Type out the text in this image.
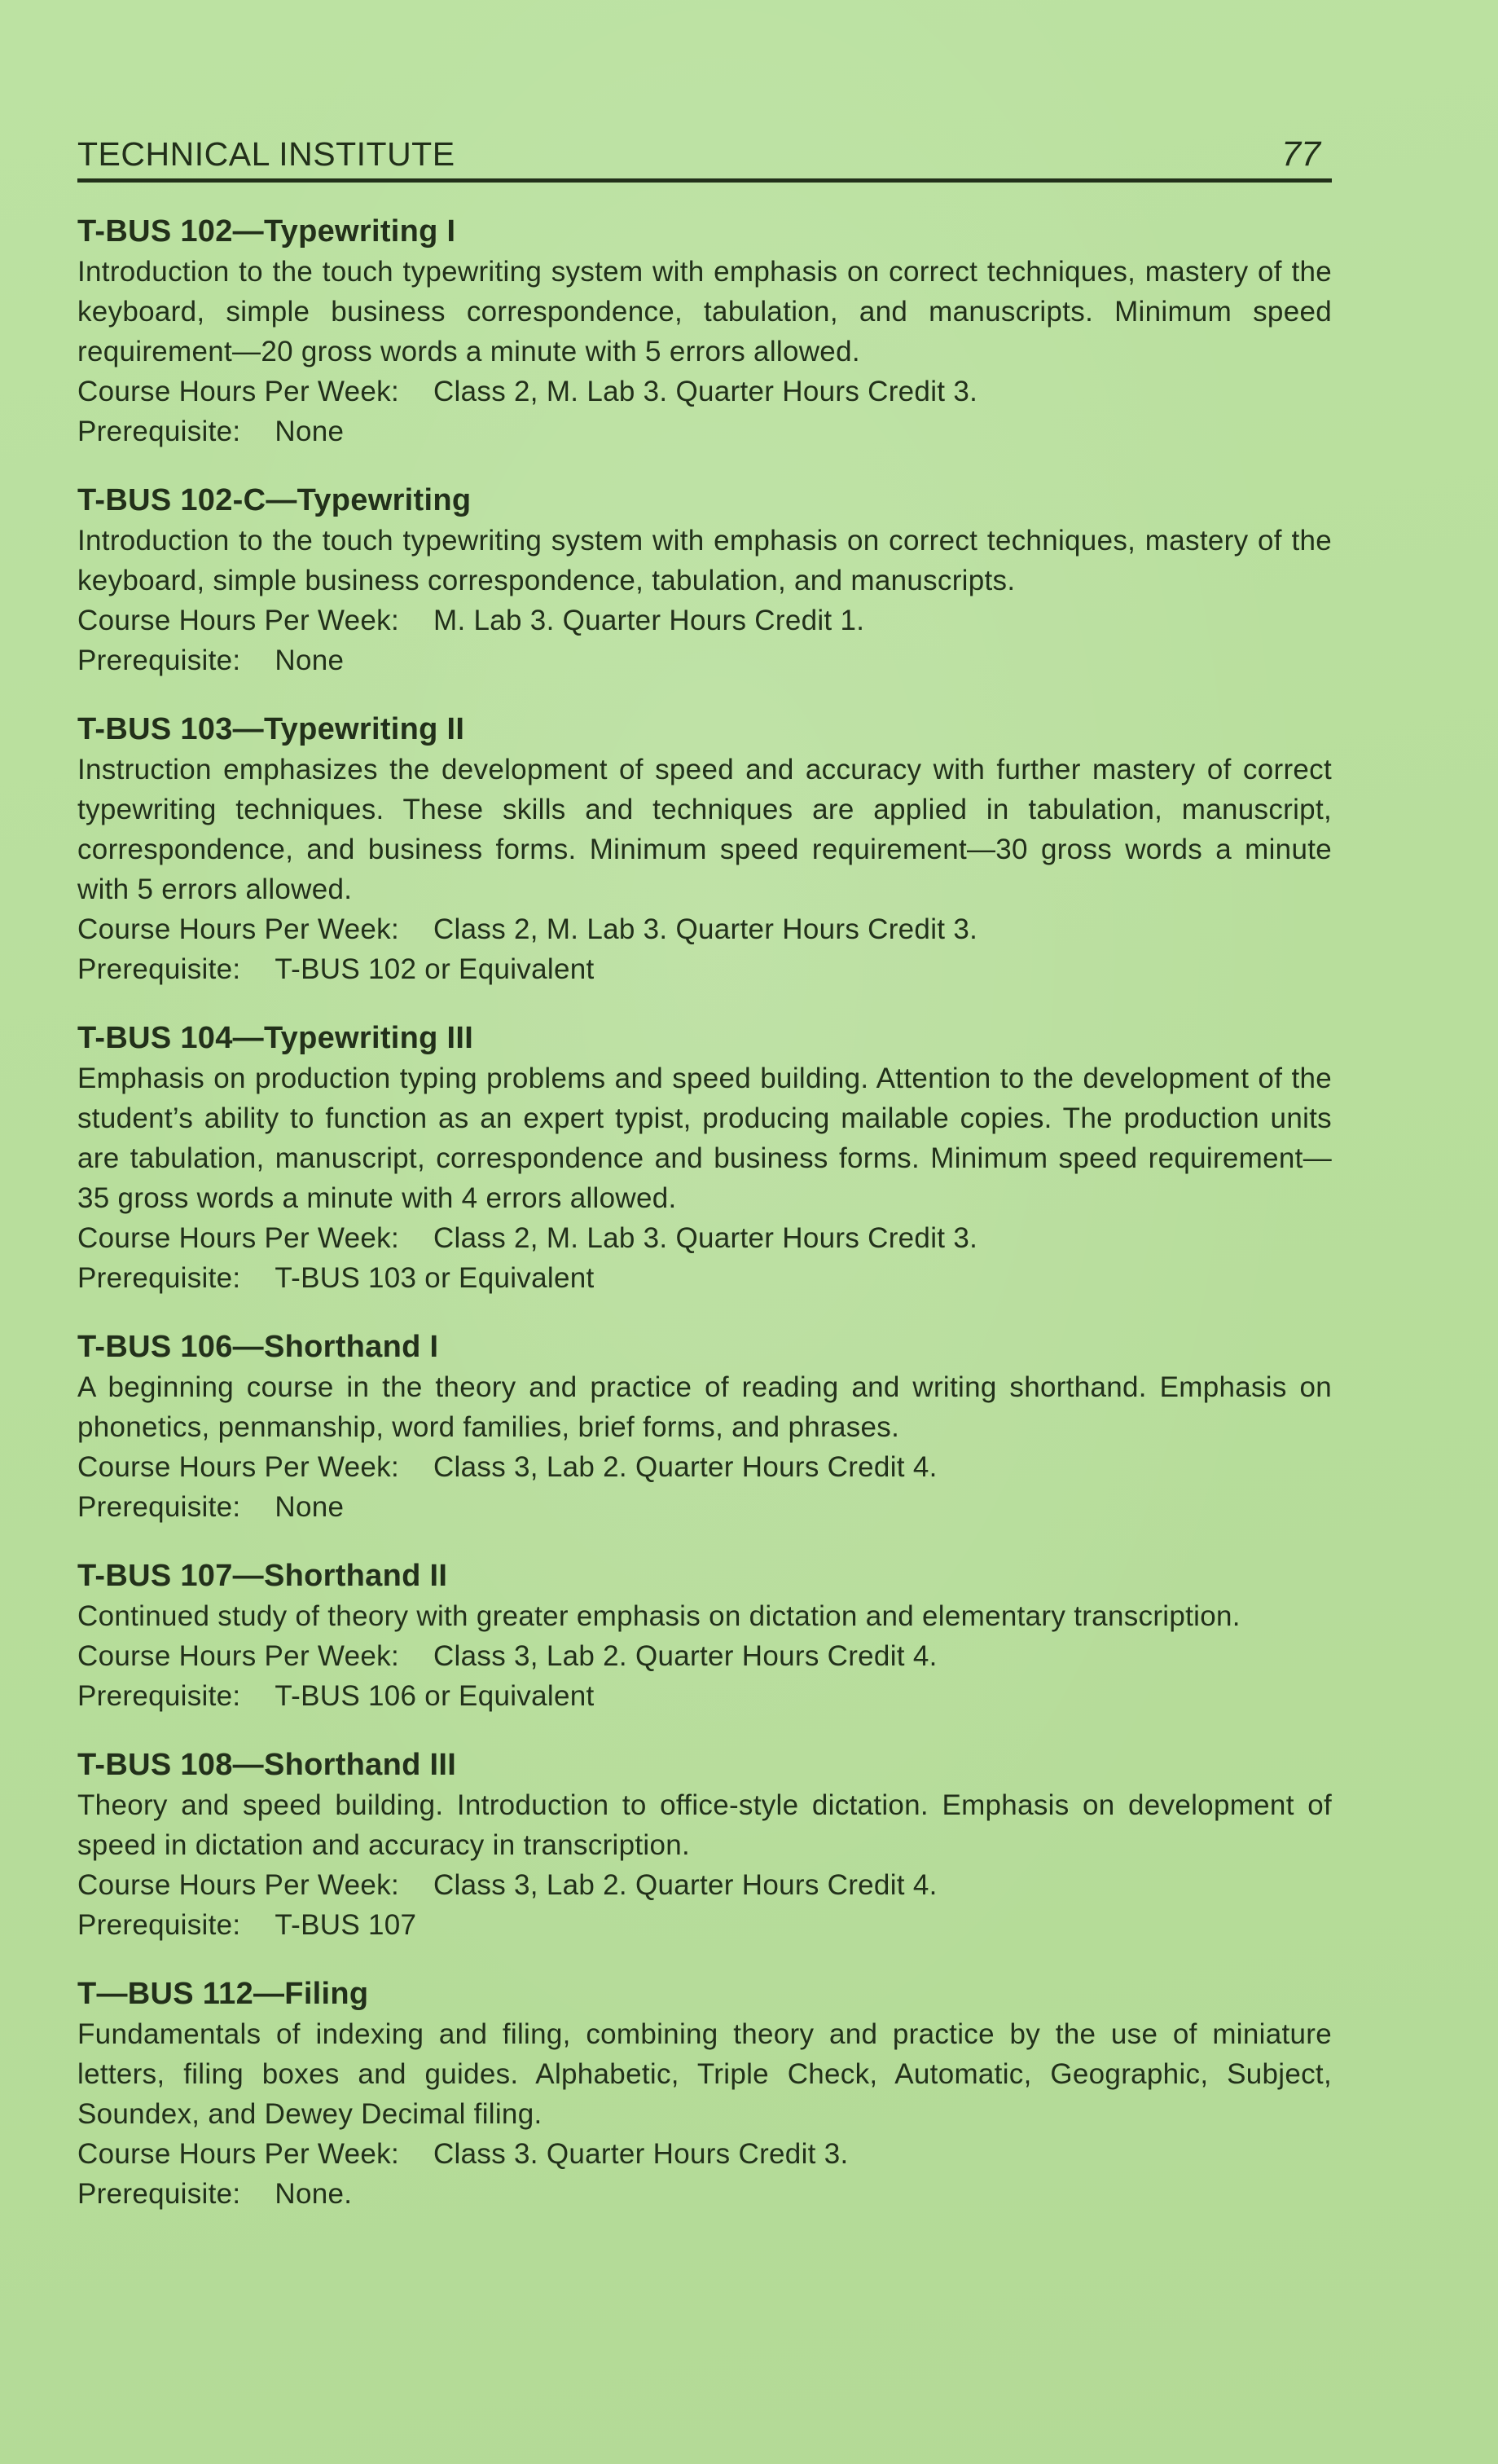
TECHNICAL INSTITUTE	77
T-BUS 102—Typewriting I

Introduction to the touch typewriting system with emphasis on correct techniques, mastery of the keyboard, simple business correspondence, tabulation, and manuscripts. Minimum speed requirement—20 gross words a minute with 5 errors allowed.

Course Hours Per Week: Class 2, M. Lab 3. Quarter Hours Credit 3.

Prerequisite: None

T-BUS 102-C—Typewriting

Introduction to the touch typewriting system with emphasis on correct techniques, mastery of the keyboard, simple business correspondence, tabulation, and manuscripts.

Course Hours Per Week: M. Lab 3. Quarter Hours Credit 1.

Prerequisite: None

T-BUS 103—Typewriting II

Instruction emphasizes the development of speed and accuracy with further mastery of correct typewriting techniques. These skills and techniques are applied in tabulation, manuscript, correspondence, and business forms. Minimum speed requirement—30 gross words a minute with 5 errors allowed.

Course Hours Per Week: Class 2, M. Lab 3. Quarter Hours Credit 3.

Prerequisite: T-BUS 102 or Equivalent

T-BUS 104—Typewriting III

Emphasis on production typing problems and speed building. Attention to the development of the student’s ability to function as an expert typist, producing mailable copies. The production units are tabulation, manuscript, correspondence and business forms. Minimum speed requirement—35 gross words a minute with 4 errors allowed.

Course Hours Per Week: Class 2, M. Lab 3. Quarter Hours Credit 3.

Prerequisite: T-BUS 103 or Equivalent

T-BUS 106—Shorthand I

A beginning course in the theory and practice of reading and writing shorthand. Emphasis on phonetics, penmanship, word families, brief forms, and phrases.

Course Hours Per Week: Class 3, Lab 2. Quarter Hours Credit 4.

Prerequisite: None

T-BUS 107—Shorthand II

Continued study of theory with greater emphasis on dictation and elementary transcription.

Course Hours Per Week: Class 3, Lab 2. Quarter Hours Credit 4.

Prerequisite: T-BUS 106 or Equivalent

T-BUS 108—Shorthand III

Theory and speed building. Introduction to office-style dictation. Emphasis on development of speed in dictation and accuracy in transcription.

Course Hours Per Week: Class 3, Lab 2. Quarter Hours Credit 4.

Prerequisite: T-BUS 107

T—BUS 112—Filing

Fundamentals of indexing and filing, combining theory and practice by the use of miniature letters, filing boxes and guides. Alphabetic, Triple Check, Automatic, Geographic, Subject, Soundex, and Dewey Decimal filing.

Course Hours Per Week: Class 3. Quarter Hours Credit 3.

Prerequisite: None.
